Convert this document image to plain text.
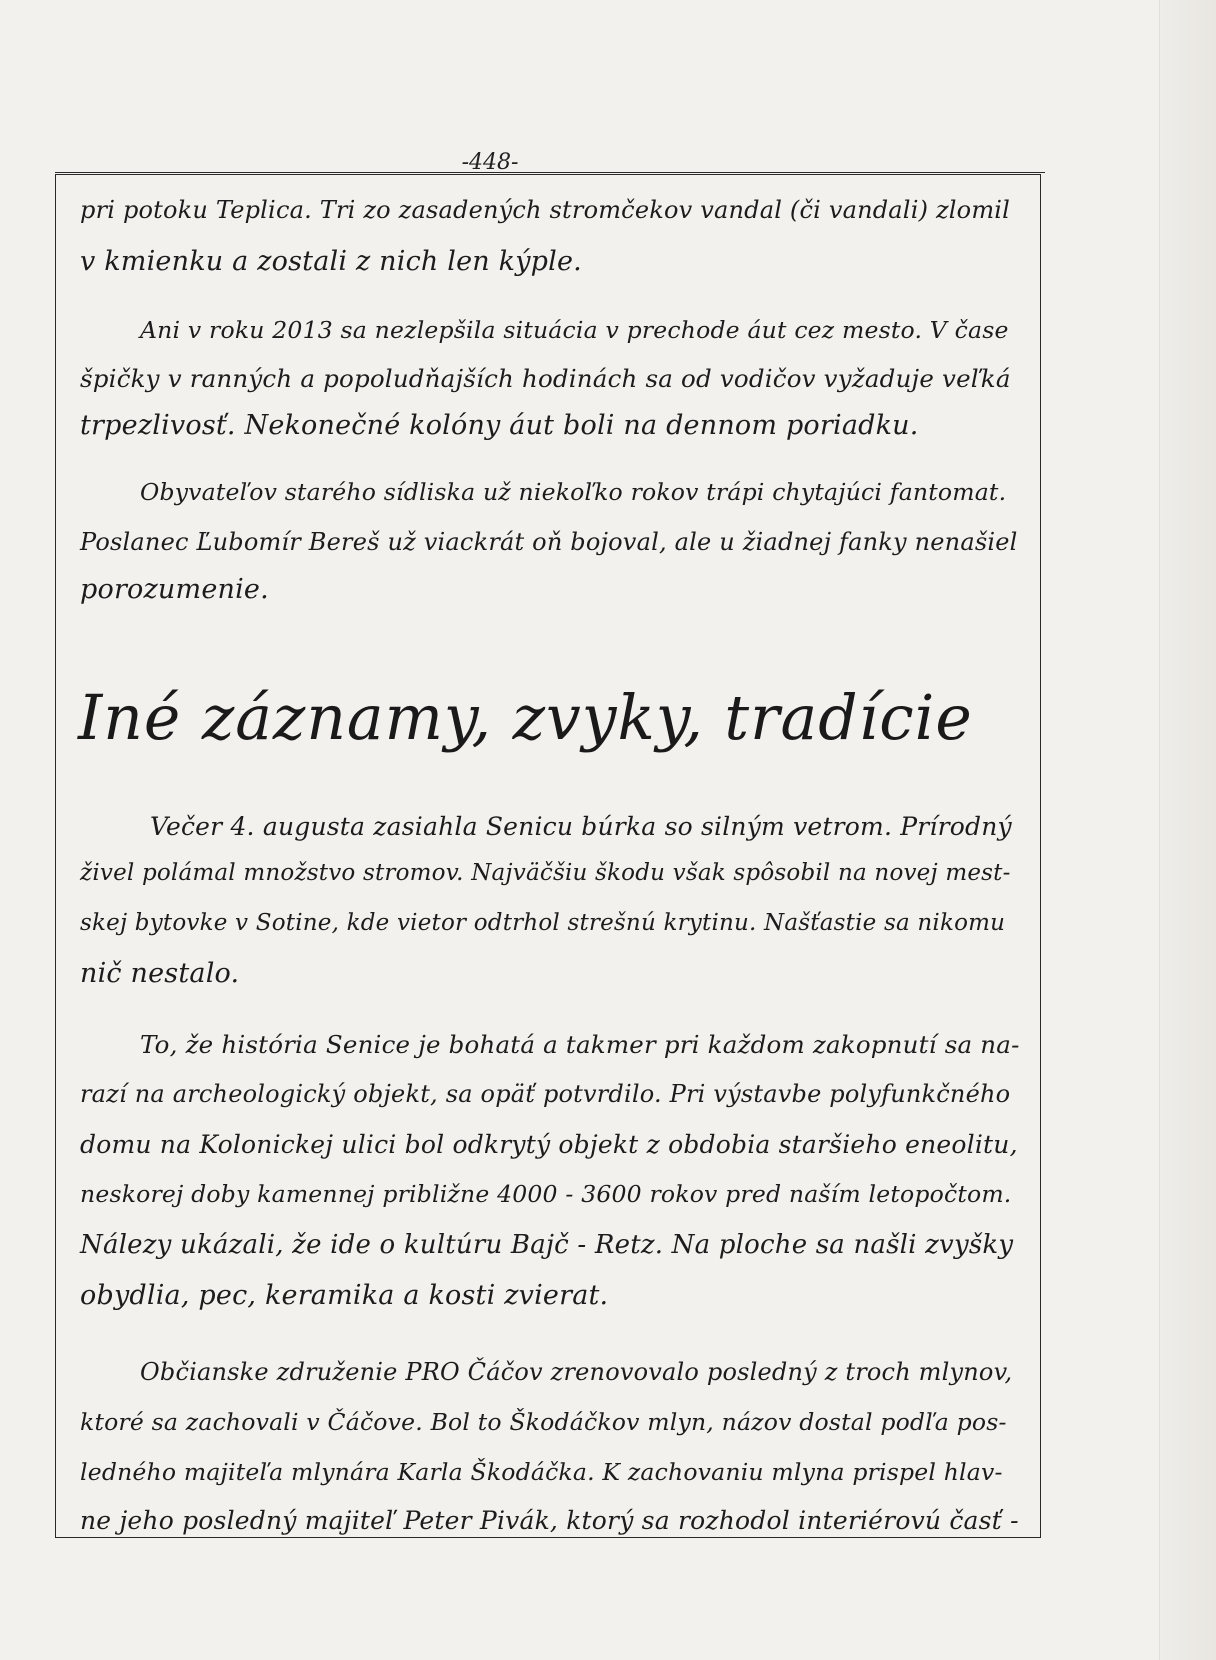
-448-
pri potoku Teplica. Tri zo zasadených stromčekov vandal (či vandali) zlomil
v kmienku a zostali z nich len kýple.
Ani v roku 2013 sa nezlepšila situácia v prechode áut cez mesto. V čase
špičky v ranných a popoludňajších hodinách sa od vodičov vyžaduje veľká
trpezlivosť. Nekonečné kolóny áut boli na dennom poriadku.
Obyvateľov starého sídliska už niekoľko rokov trápi chytajúci fantomat.
Poslanec Ľubomír Bereš už viackrát oň bojoval, ale u žiadnej fanky nenašiel
porozumenie.
Iné záznamy, zvyky, tradície
Večer 4. augusta zasiahla Senicu búrka so silným vetrom. Prírodný
živel polámal množstvo stromov. Najväčšiu škodu však spôsobil na novej mest-
skej bytovke v Sotine, kde vietor odtrhol strešnú krytinu. Našťastie sa nikomu
nič nestalo.
To, že história Senice je bohatá a takmer pri každom zakopnutí sa na-
razí na archeologický objekt, sa opäť potvrdilo. Pri výstavbe polyfunkčného
domu na Kolonickej ulici bol odkrytý objekt z obdobia staršieho eneolitu,
neskorej doby kamennej približne 4000 - 3600 rokov pred naším letopočtom.
Nálezy ukázali, že ide o kultúru Bajč - Retz. Na ploche sa našli zvyšky
obydlia, pec, keramika a kosti zvierat.
Občianske združenie PRO Čáčov zrenovovalo posledný z troch mlynov,
ktoré sa zachovali v Čáčove. Bol to Škodáčkov mlyn, názov dostal podľa pos-
ledného majiteľa mlynára Karla Škodáčka. K zachovaniu mlyna prispel hlav-
ne jeho posledný majiteľ Peter Pivák, ktorý sa rozhodol interiérovú časť -
